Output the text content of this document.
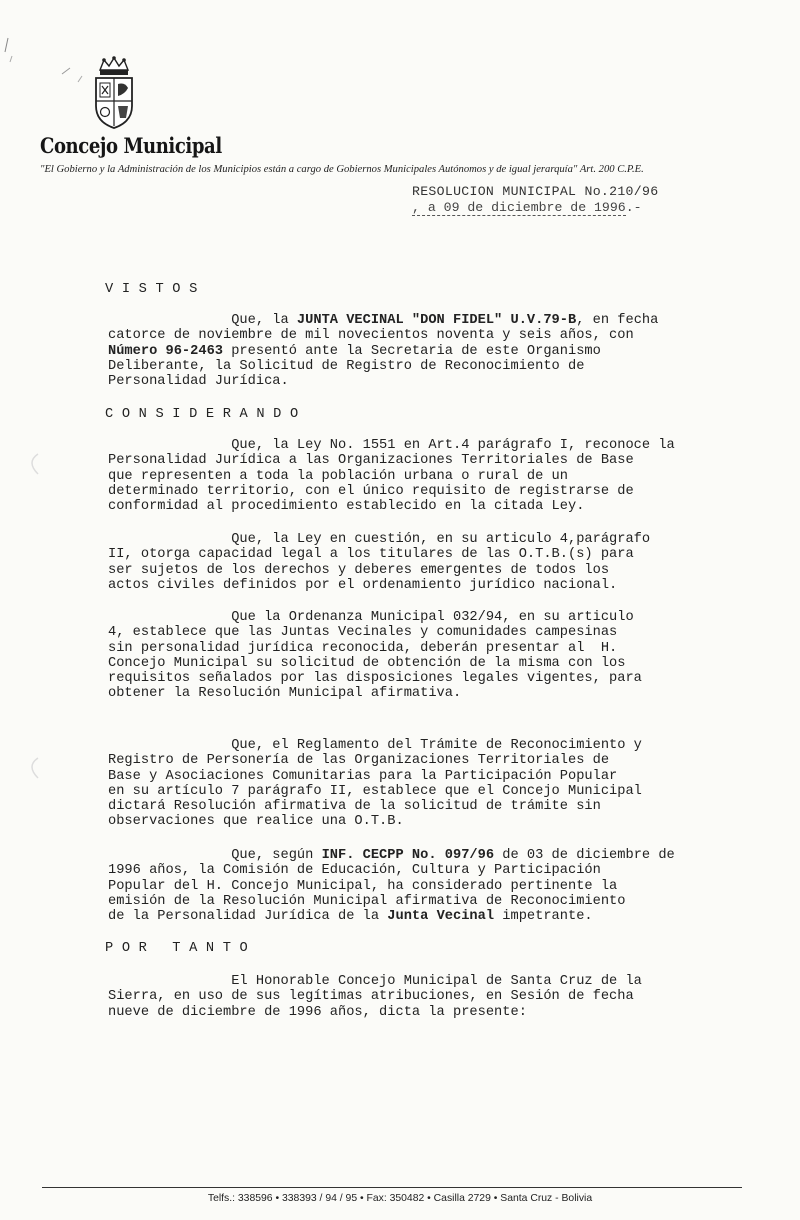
Concejo Municipal
"El Gobierno y la Administración de los Municipios están a cargo de Gobiernos Municipales Autónomos y de igual jerarquía" Art. 200 C.P.E.
RESOLUCION MUNICIPAL No.210/96
, a 09 de diciembre de 1996.-
VISTOS
Que, la JUNTA VECINAL "DON FIDEL" U.V.79-B, en fecha
catorce de noviembre de mil novecientos noventa y seis años, con
Número 96-2463 presentó ante la Secretaria de este Organismo
Deliberante, la Solicitud de Registro de Reconocimiento de
Personalidad Jurídica.
CONSIDERANDO
Que, la Ley No. 1551 en Art.4 parágrafo I, reconoce la
Personalidad Jurídica a las Organizaciones Territoriales de Base
que representen a toda la población urbana o rural de un
determinado territorio, con el único requisito de registrarse de
conformidad al procedimiento establecido en la citada Ley.
Que, la Ley en cuestión, en su articulo 4,parágrafo
II, otorga capacidad legal a los titulares de las O.T.B.(s) para
ser sujetos de los derechos y deberes emergentes de todos los
actos civiles definidos por el ordenamiento jurídico nacional.
Que la Ordenanza Municipal 032/94, en su articulo
4, establece que las Juntas Vecinales y comunidades campesinas
sin personalidad jurídica reconocida, deberán presentar al  H.
Concejo Municipal su solicitud de obtención de la misma con los
requisitos señalados por las disposiciones legales vigentes, para
obtener la Resolución Municipal afirmativa.
Que, el Reglamento del Trámite de Reconocimiento y
Registro de Personería de las Organizaciones Territoriales de
Base y Asociaciones Comunitarias para la Participación Popular
en su artículo 7 parágrafo II, establece que el Concejo Municipal
dictará Resolución afirmativa de la solicitud de trámite sin
observaciones que realice una O.T.B.
Que, según INF. CECPP No. 097/96 de 03 de diciembre de
1996 años, la Comisión de Educación, Cultura y Participación
Popular del H. Concejo Municipal, ha considerado pertinente la
emisión de la Resolución Municipal afirmativa de Reconocimiento
de la Personalidad Jurídica de la Junta Vecinal impetrante.
POR TANTO
El Honorable Concejo Municipal de Santa Cruz de la
Sierra, en uso de sus legítimas atribuciones, en Sesión de fecha
nueve de diciembre de 1996 años, dicta la presente:
Telfs.: 338596 • 338393 / 94 / 95 • Fax: 350482 • Casilla 2729 • Santa Cruz - Bolivia
